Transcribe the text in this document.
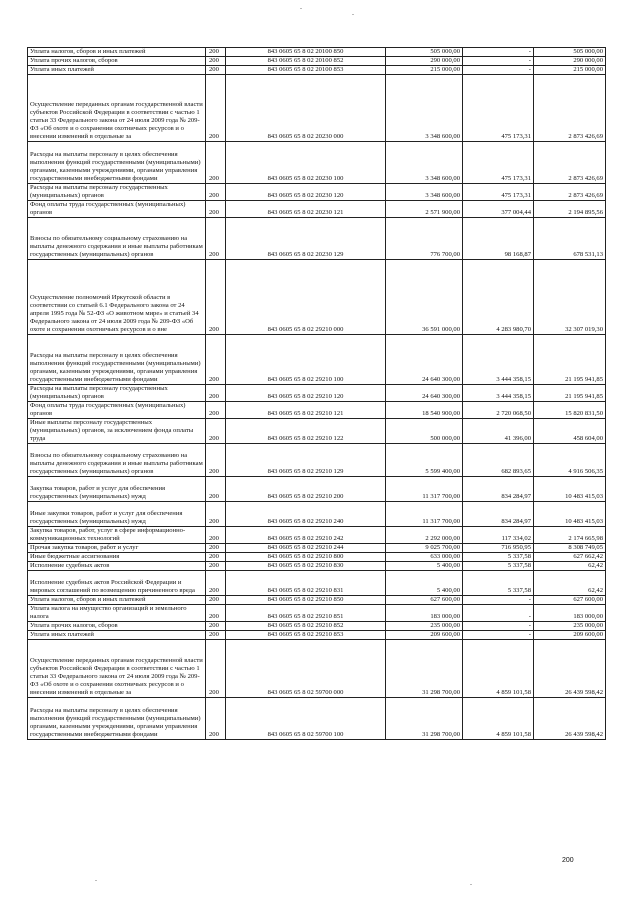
Уплата налогов, сборов и иных платежей	200	843 0605 65 8 02 20100 850	505 000,00	-	505 000,00
Уплата прочих налогов, сборов	200	843 0605 65 8 02 20100 852	290 000,00	-	290 000,00
Уплата иных платежей	200	843 0605 65 8 02 20100 853	215 000,00	-	215 000,00
Осуществление переданных органам государственной власти субъектов Российской Федерации в соответствии с частью 1 статьи 33 Федерального закона от 24 июля 2009 года № 209-ФЗ «Об охоте и о сохранении охотничьих ресурсов и о внесении изменений в отдельные за	200	843 0605 65 8 02 20230 000	3 348 600,00	475 173,31	2 873 426,69
Расходы на выплаты персоналу в целях обеспечения выполнения функций государственными (муниципальными) органами, казенными учреждениями, органами управления государственными внебюджетными фондами	200	843 0605 65 8 02 20230 100	3 348 600,00	475 173,31	2 873 426,69
Расходы на выплаты персоналу государственных (муниципальных) органов	200	843 0605 65 8 02 20230 120	3 348 600,00	475 173,31	2 873 426,69
Фонд оплаты труда государственных (муниципальных) органов	200	843 0605 65 8 02 20230 121	2 571 900,00	377 004,44	2 194 895,56
Взносы по обязательному социальному страхованию на выплаты денежного содержания и иные выплаты работникам государственных (муниципальных) органов	200	843 0605 65 8 02 20230 129	776 700,00	98 168,87	678 531,13
Осуществление полномочий Иркутской области в соответствии со статьей 6.1 Федерального закона от 24 апреля 1995 года № 52-ФЗ «О животном мире» и статьей 34 Федерального закона от 24 июля 2009 года № 209-ФЗ «Об охоте и сохранении охотничьих ресурсов и о вне	200	843 0605 65 8 02 29210 000	36 591 000,00	4 283 980,70	32 307 019,30
Расходы на выплаты персоналу в целях обеспечения выполнения функций государственными (муниципальными) органами, казенными учреждениями, органами управления государственными внебюджетными фондами	200	843 0605 65 8 02 29210 100	24 640 300,00	3 444 358,15	21 195 941,85
Расходы на выплаты персоналу государственных (муниципальных) органов	200	843 0605 65 8 02 29210 120	24 640 300,00	3 444 358,15	21 195 941,85
Фонд оплаты труда государственных (муниципальных) органов	200	843 0605 65 8 02 29210 121	18 540 900,00	2 720 068,50	15 820 831,50
Иные выплаты персоналу государственных (муниципальных) органов, за исключением фонда оплаты труда	200	843 0605 65 8 02 29210 122	500 000,00	41 396,00	458 604,00
Взносы по обязательному социальному страхованию на выплаты денежного содержания и иные выплаты работникам государственных (муниципальных) органов	200	843 0605 65 8 02 29210 129	5 599 400,00	682 893,65	4 916 506,35
Закупка товаров, работ и услуг для обеспечения государственных (муниципальных) нужд	200	843 0605 65 8 02 29210 200	11 317 700,00	834 284,97	10 483 415,03
Иные закупки товаров, работ и услуг для обеспечения государственных (муниципальных) нужд	200	843 0605 65 8 02 29210 240	11 317 700,00	834 284,97	10 483 415,03
Закупка товаров, работ, услуг в сфере информационно-коммуникационных технологий	200	843 0605 65 8 02 29210 242	2 292 000,00	117 334,02	2 174 665,98
Прочая закупка товаров, работ и услуг	200	843 0605 65 8 02 29210 244	9 025 700,00	716 950,95	8 308 749,05
Иные бюджетные ассигнования	200	843 0605 65 8 02 29210 800	633 000,00	5 337,58	627 662,42
Исполнение судебных актов	200	843 0605 65 8 02 29210 830	5 400,00	5 337,58	62,42
Исполнение судебных актов Российской Федерации и мировых соглашений по возмещению причиненного вреда	200	843 0605 65 8 02 29210 831	5 400,00	5 337,58	62,42
Уплата налогов, сборов и иных платежей	200	843 0605 65 8 02 29210 850	627 600,00	-	627 600,00
Уплата налога на имущество организаций и земельного налога	200	843 0605 65 8 02 29210 851	183 000,00	-	183 000,00
Уплата прочих налогов, сборов	200	843 0605 65 8 02 29210 852	235 000,00	-	235 000,00
Уплата иных платежей	200	843 0605 65 8 02 29210 853	209 600,00	-	209 600,00
Осуществление переданных органам государственной власти субъектов Российской Федерации в соответствии с частью 1 статьи 33 Федерального закона от 24 июля 2009 года № 209-ФЗ «Об охоте и о сохранении охотничьих ресурсов и о внесении изменений в отдельные за	200	843 0605 65 8 02 59700 000	31 298 700,00	4 859 101,58	26 439 598,42
Расходы на выплаты персоналу в целях обеспечения выполнения функций государственными (муниципальными) органами, казенными учреждениями, органами управления государственными внебюджетными фондами	200	843 0605 65 8 02 59700 100	31 298 700,00	4 859 101,58	26 439 598,42
200
